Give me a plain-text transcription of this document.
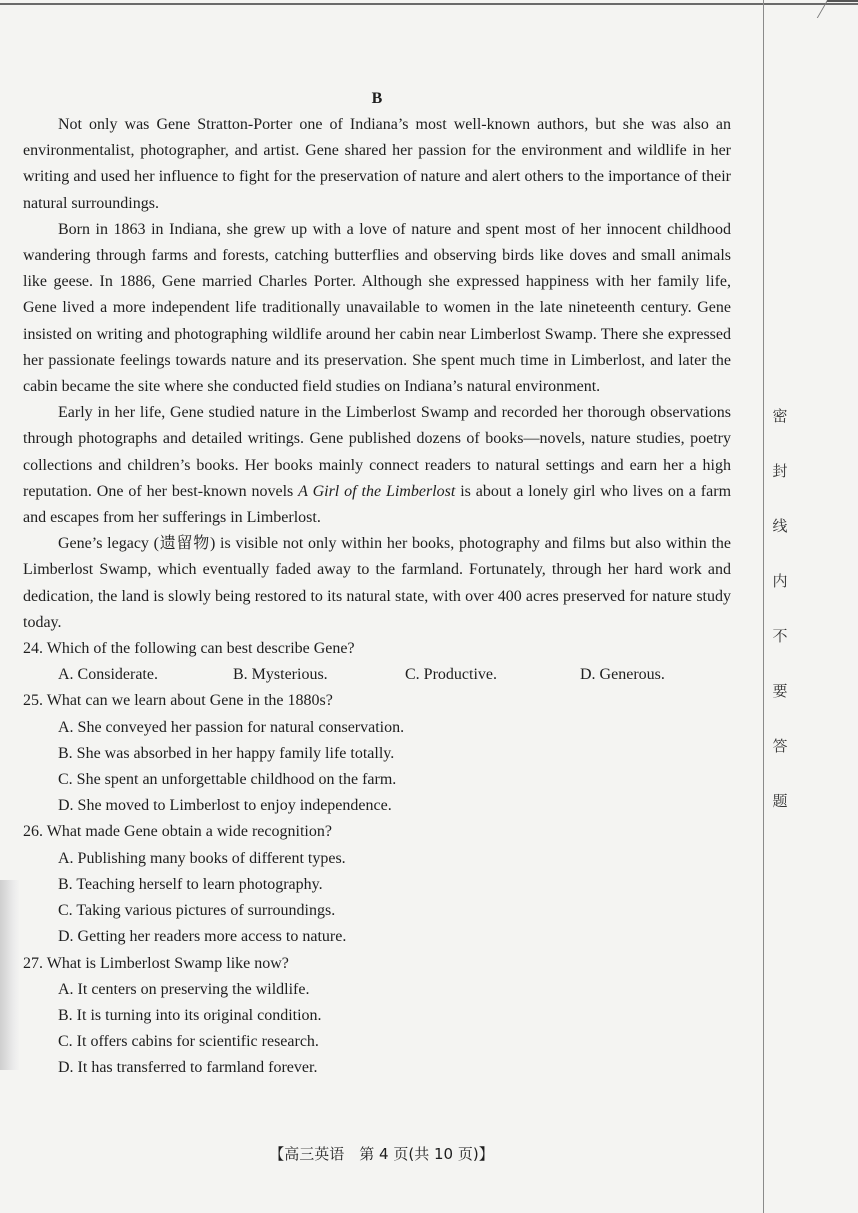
B

Not only was Gene Stratton-Porter one of Indiana’s most well-known authors, but she was also an environmentalist, photographer, and artist. Gene shared her passion for the environment and wildlife in her writing and used her influence to fight for the preservation of nature and alert others to the importance of their natural surroundings.

Born in 1863 in Indiana, she grew up with a love of nature and spent most of her innocent childhood wandering through farms and forests, catching butterflies and observing birds like doves and small animals like geese. In 1886, Gene married Charles Porter. Although she expressed happiness with her family life, Gene lived a more independent life traditionally unavailable to women in the late nineteenth century. Gene insisted on writing and photographing wildlife around her cabin near Limberlost Swamp. There she expressed her passionate feelings towards nature and its preservation. She spent much time in Limberlost, and later the cabin became the site where she conducted field studies on Indiana’s natural environment.

Early in her life, Gene studied nature in the Limberlost Swamp and recorded her thorough observations through photographs and detailed writings. Gene published dozens of books—novels, nature studies, poetry collections and children’s books. Her books mainly connect readers to natural settings and earn her a high reputation. One of her best-known novels A Girl of the Limberlost is about a lonely girl who lives on a farm and escapes from her sufferings in Limberlost.

Gene’s legacy (遗留物) is visible not only within her books, photography and films but also within the Limberlost Swamp, which eventually faded away to the farmland. Fortunately, through her hard work and dedication, the land is slowly being restored to its natural state, with over 400 acres preserved for nature study today.

24. Which of the following can best describe Gene?

A. Considerate.	B. Mysterious.	C. Productive.	D. Generous.

25. What can we learn about Gene in the 1880s?

A. She conveyed her passion for natural conservation.

B. She was absorbed in her happy family life totally.

C. She spent an unforgettable childhood on the farm.

D. She moved to Limberlost to enjoy independence.

26. What made Gene obtain a wide recognition?

A. Publishing many books of different types.

B. Teaching herself to learn photography.

C. Taking various pictures of surroundings.

D. Getting her readers more access to nature.

27. What is Limberlost Swamp like now?

A. It centers on preserving the wildlife.

B. It is turning into its original condition.

C. It offers cabins for scientific research.

D. It has transferred to farmland forever.

【高三英语　第 4 页(共 10 页)】
密
封
线
内
不
要
答
题
